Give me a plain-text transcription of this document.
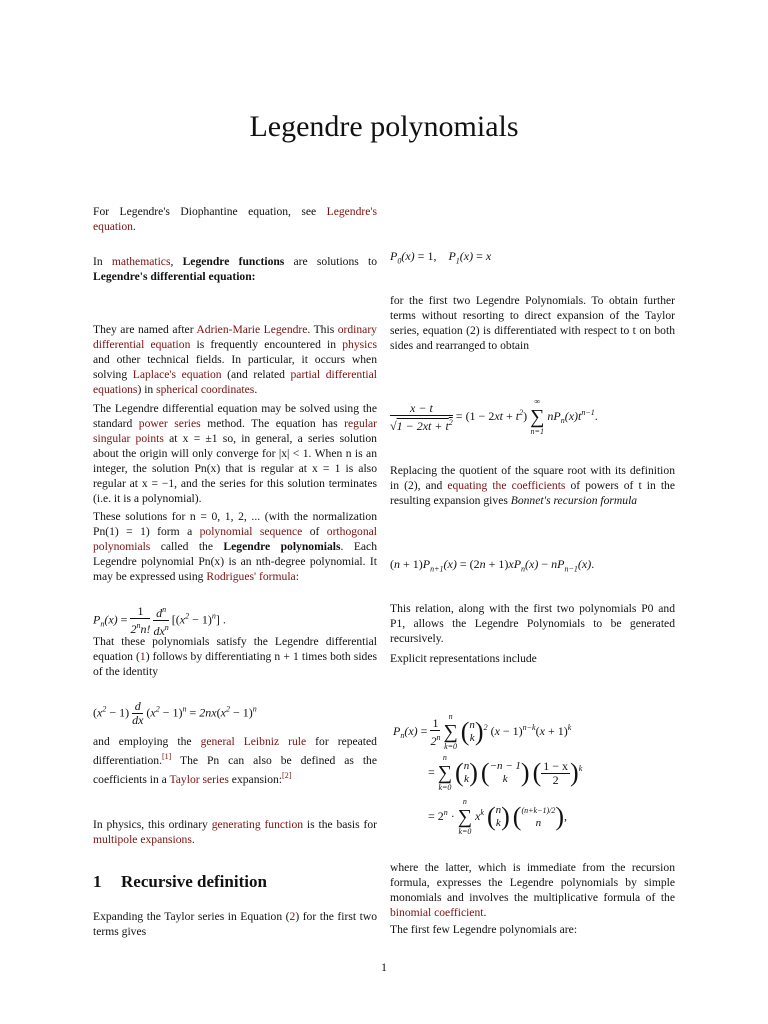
Legendre polynomials

For Legendre's Diophantine equation, see Legendre's equation.

In mathematics, Legendre functions are solutions to Legendre's differential equation:

They are named after Adrien-Marie Legendre. This ordinary differential equation is frequently encountered in physics and other technical fields. In particular, it occurs when solving Laplace's equation (and related partial differential equations) in spherical coordinates.

The Legendre differential equation may be solved using the standard power series method. The equation has regular singular points at x = ±1 so, in general, a series solution about the origin will only converge for |x| < 1. When n is an integer, the solution Pn(x) that is regular at x = 1 is also regular at x = −1, and the series for this solution terminates (i.e. it is a polynomial).

These solutions for n = 0, 1, 2, ... (with the normalization Pn(1) = 1) form a polynomial sequence of orthogonal polynomials called the Legendre polynomials. Each Legendre polynomial Pn(x) is an nth-degree polynomial. It may be expressed using Rodrigues' formula:

$P_n(x) = \frac{1}{2^nn!}$
$\frac{d^n}{dx^n} [(x^2 - 1)^n]$ .

That these polynomials satisfy the Legendre differential equation (1) follows by differentiating n + 1 times both sides of the identity

$(x^2 - 1) \frac{d}{dx} (x^2 - 1)^n = 2nx(x^2 - 1)^n$

and employing the general Leibniz rule for repeated differentiation.[1] The Pn can also be defined as the coefficients in a Taylor series expansion:[2]

In physics, this ordinary generating function is the basis for multipole expansions.

1 Recursive definition

Expanding the Taylor series in Equation (2) for the first two terms gives

$P_0(x) = 1$,    $P_1(x) = x$

for the first two Legendre Polynomials. To obtain further terms without resorting to direct expansion of the Taylor series, equation (2) is differentiated with respect to t on both sides and rearranged to obtain

$\frac{x - t}{√1 - 2xt + t^2} = (1 - 2xt + t^2)$
∞
∑
n=1
$nP_n(x)t^{n-1}$.

Replacing the quotient of the square root with its definition in (2), and equating the coefficients of powers of t in the resulting expansion gives Bonnet's recursion formula

$(n + 1)P_{n+1}(x) = (2n + 1)xP_n(x) - nP_{n-1}(x)$.

This relation, along with the first two polynomials P0 and P1, allows the Legendre Polynomials to be generated recursively.

Explicit representations include

$P_n(x) = \frac{1}{2^n}$
	n
∑
k=0
( n
k )$^2$ $(x - 1)^{n-k}(x + 1)^k$
=
n
∑
k=0
( n
k ) ( −n − 1
k ) ( $\frac{1 - x}{2} )^k$
= $2^n$ ·
n
∑
k=0
$x^k$ ( n
k ) ( (n+k−1)/2
n ),

where the latter, which is immediate from the recursion formula, expresses the Legendre polynomials by simple monomials and involves the multiplicative formula of the binomial coefficient.

The first few Legendre polynomials are:

1
